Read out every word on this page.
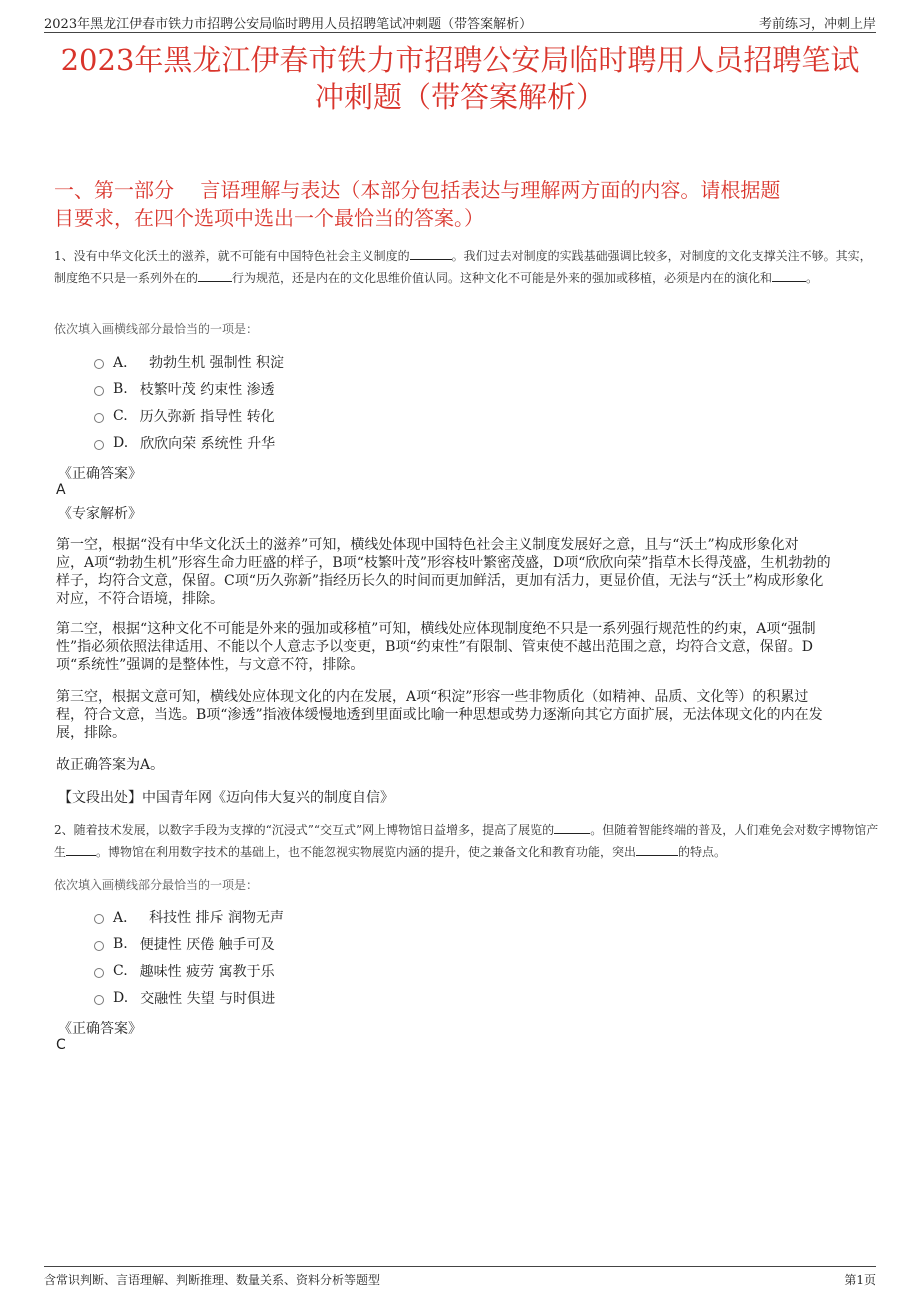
2023年黑龙江伊春市铁力市招聘公安局临时聘用人员招聘笔试冲刺题（带答案解析）	考前练习，冲刺上岸
2023年黑龙江伊春市铁力市招聘公安局临时聘用人员招聘笔试
冲刺题（带答案解析）
一、第一部分　 言语理解与表达（本部分包括表达与理解两方面的内容。请根据题
目要求，在四个选项中选出一个最恰当的答案。）
1、没有中华文化沃土的滋养，就不可能有中国特色社会主义制度的	。我们过去对制度的实践基础强调比较多，对制度的文化支撑关注不够。其实，制度绝不只是一系列外在的	行为规范，还是内在的文化思维价值认同。这种文化不可能是外来的强加或移植，必须是内在的演化和	。
依次填入画横线部分最恰当的一项是：
A． 勃勃生机 强制性 积淀
B. 枝繁叶茂 约束性 渗透
C. 历久弥新 指导性 转化
D. 欣欣向荣 系统性 升华
《正确答案》
A
《专家解析》
第一空，根据“没有中华文化沃土的滋养”可知，横线处体现中国特色社会主义制度发展好之意，且与“沃土”构成形象化对
应，A项“勃勃生机”形容生命力旺盛的样子，B项“枝繁叶茂”形容枝叶繁密茂盛，D项“欣欣向荣”指草木长得茂盛，生机勃勃的
样子，均符合文意，保留。C项“历久弥新”指经历长久的时间而更加鲜活，更加有活力，更显价值，无法与“沃土”构成形象化
对应，不符合语境，排除。
第二空，根据“这种文化不可能是外来的强加或移植”可知，横线处应体现制度绝不只是一系列强行规范性的约束，A项“强制
性”指必须依照法律适用、不能以个人意志予以变更，B项“约束性”有限制、管束使不越出范围之意，均符合文意，保留。D
项“系统性”强调的是整体性，与文意不符，排除。
第三空，根据文意可知，横线处应体现文化的内在发展，A项“积淀”形容一些非物质化（如精神、品质、文化等）的积累过
程，符合文意，当选。B项“渗透”指液体缓慢地透到里面或比喻一种思想或势力逐渐向其它方面扩展，无法体现文化的内在发
展，排除。
故正确答案为A。
【文段出处】中国青年网《迈向伟大复兴的制度自信》
2、随着技术发展，以数字手段为支撑的“沉浸式”“交互式”网上博物馆日益增多，提高了展览的	。但随着智能终端的普及，人们难免会对数字博物馆产生	。博物馆在利用数字技术的基础上，也不能忽视实物展览内涵的提升，使之兼备文化和教育功能，突出	的特点。
依次填入画横线部分最恰当的一项是：
A． 科技性 排斥 润物无声
B. 便捷性 厌倦 触手可及
C. 趣味性 疲劳 寓教于乐
D. 交融性 失望 与时俱进
《正确答案》
C
含常识判断、言语理解、判断推理、数量关系、资料分析等题型	第1页
